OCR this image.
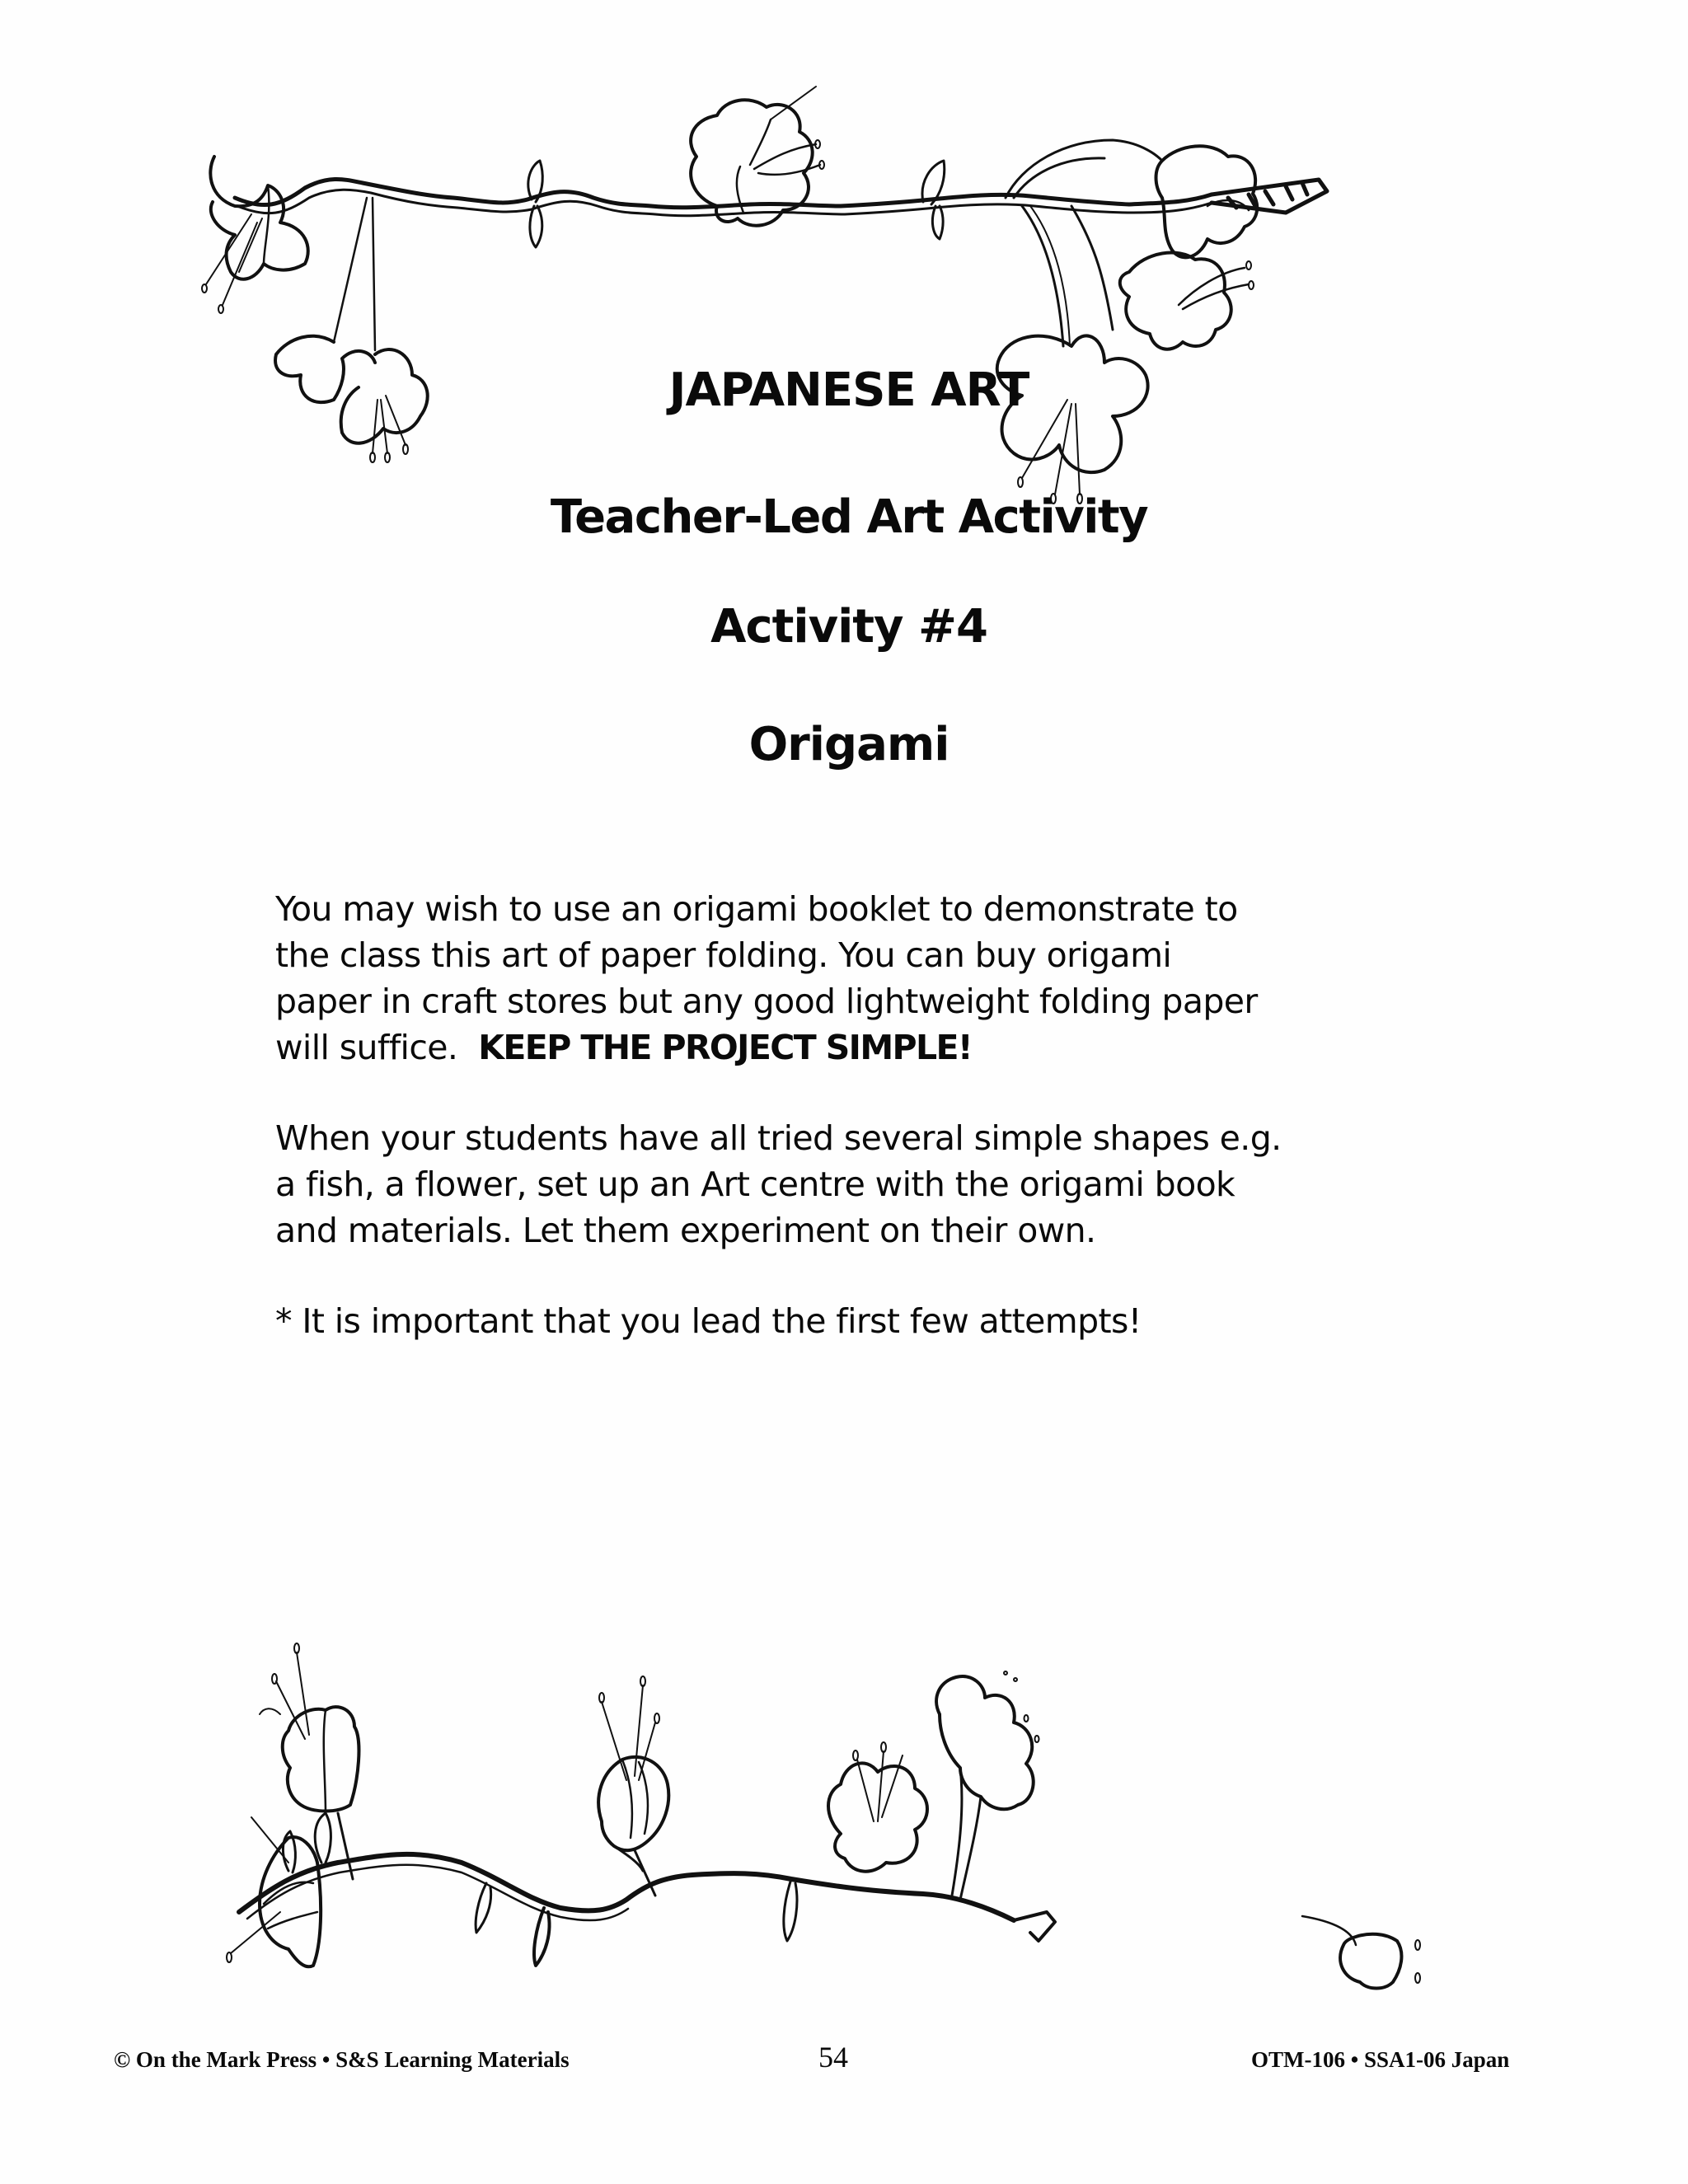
JAPANESE ART
Teacher-Led Art Activity
Activity #4
Origami
You may wish to use an origami booklet to demonstrate to
the class this art of paper folding. You can buy origami
paper in craft stores but any good lightweight folding paper
will suffice.  KEEP THE PROJECT SIMPLE!
When your students have all tried several simple shapes e.g.
a fish, a flower, set up an Art centre with the origami book
and materials. Let them experiment on their own.
* It is important that you lead the first few attempts!
© On the Mark Press • S&S Learning Materials	54	OTM-106 • SSA1-06 Japan
